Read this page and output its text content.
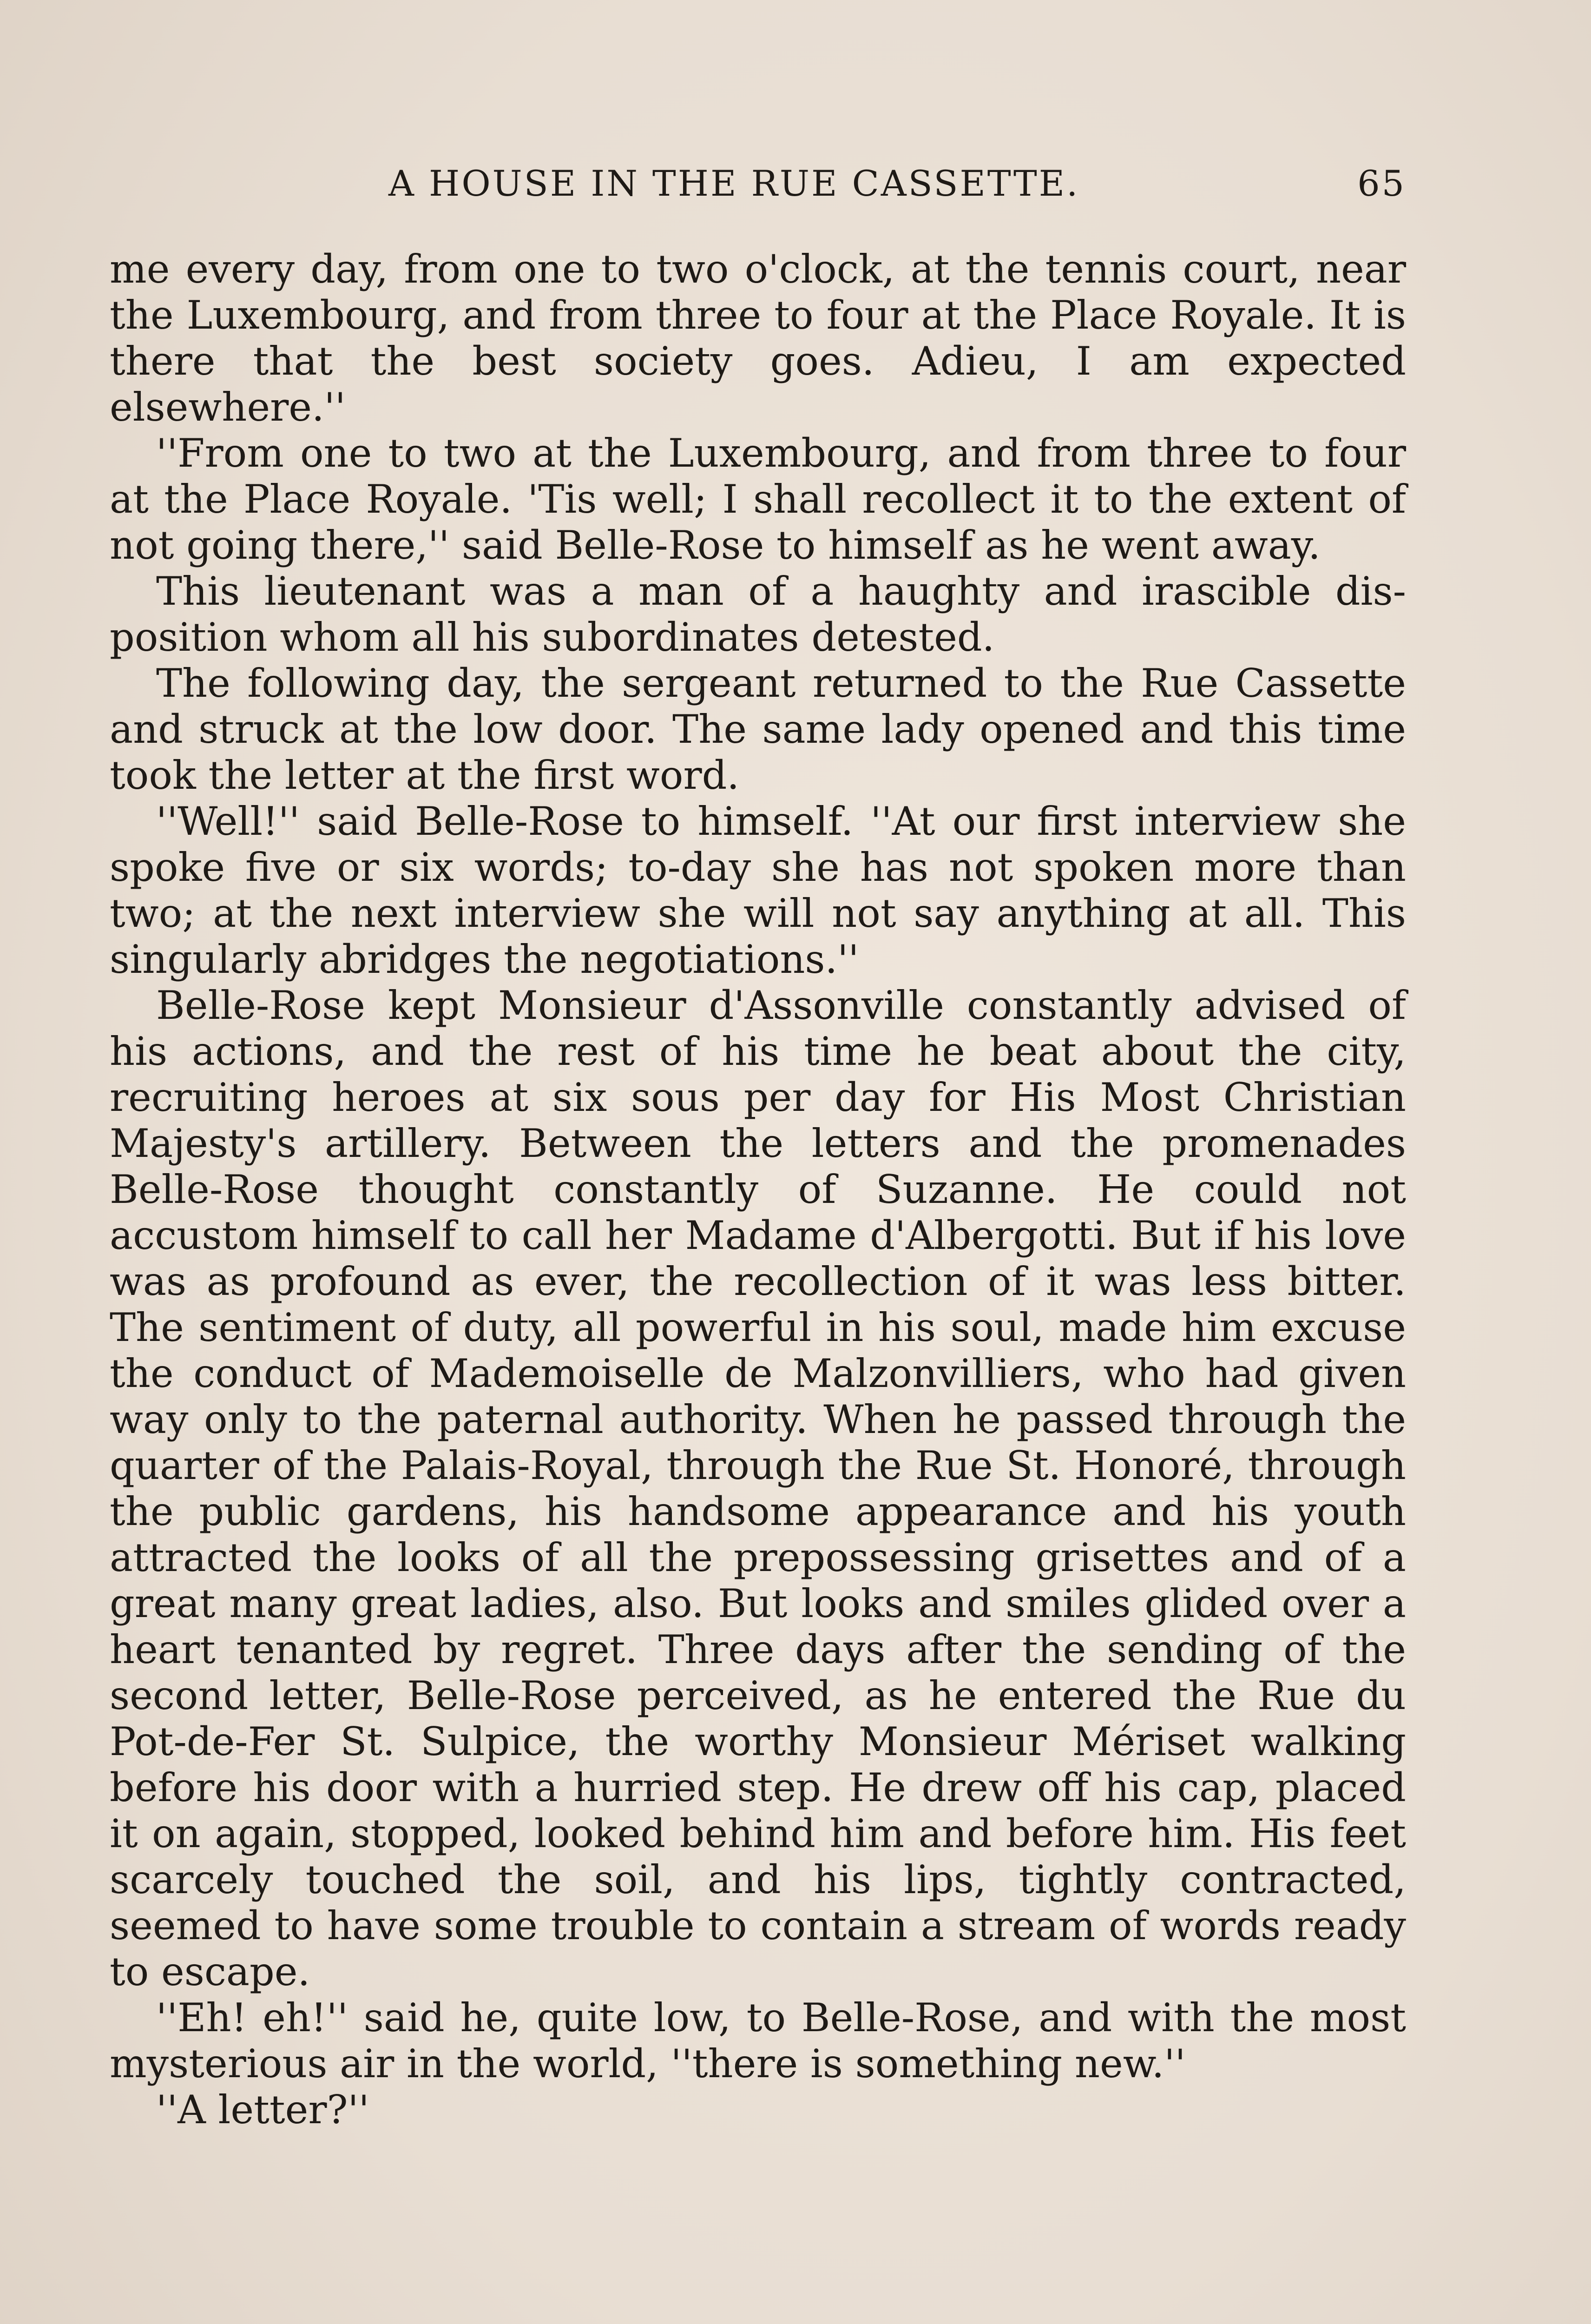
A HOUSE IN THE RUE CASSETTE.	65

me every day, from one to two o'clock, at the tennis court, near the Luxembourg, and from three to four at the Place Royale. It is there that the best society goes. Adieu, I am expected elsewhere.''

''From one to two at the Luxembourg, and from three to four at the Place Royale. 'Tis well; I shall recollect it to the extent of not going there,'' said Belle-Rose to himself as he went away.

This lieutenant was a man of a haughty and irascible disposition whom all his subordinates detested.

The following day, the sergeant returned to the Rue Cassette and struck at the low door. The same lady opened and this time took the letter at the first word.

''Well!'' said Belle-Rose to himself. ''At our first interview she spoke five or six words; to-day she has not spoken more than two; at the next interview she will not say anything at all. This singularly abridges the negotiations.''

Belle-Rose kept Monsieur d'Assonville constantly advised of his actions, and the rest of his time he beat about the city, recruiting heroes at six sous per day for His Most Christian Majesty's artillery. Between the letters and the promenades Belle-Rose thought constantly of Suzanne. He could not accustom himself to call her Madame d'Albergotti. But if his love was as profound as ever, the recollection of it was less bitter. The sentiment of duty, all powerful in his soul, made him excuse the conduct of Mademoiselle de Malzonvilliers, who had given way only to the paternal authority. When he passed through the quarter of the Palais-Royal, through the Rue St. Honoré, through the public gardens, his handsome appearance and his youth attracted the looks of all the prepossessing grisettes and of a great many great ladies, also. But looks and smiles glided over a heart tenanted by regret. Three days after the sending of the second letter, Belle-Rose perceived, as he entered the Rue du Pot-de-Fer St. Sulpice, the worthy Monsieur Mériset walking before his door with a hurried step. He drew off his cap, placed it on again, stopped, looked behind him and before him. His feet scarcely touched the soil, and his lips, tightly contracted, seemed to have some trouble to contain a stream of words ready to escape.

''Eh! eh!'' said he, quite low, to Belle-Rose, and with the most mysterious air in the world, ''there is something new.''

''A letter?''
